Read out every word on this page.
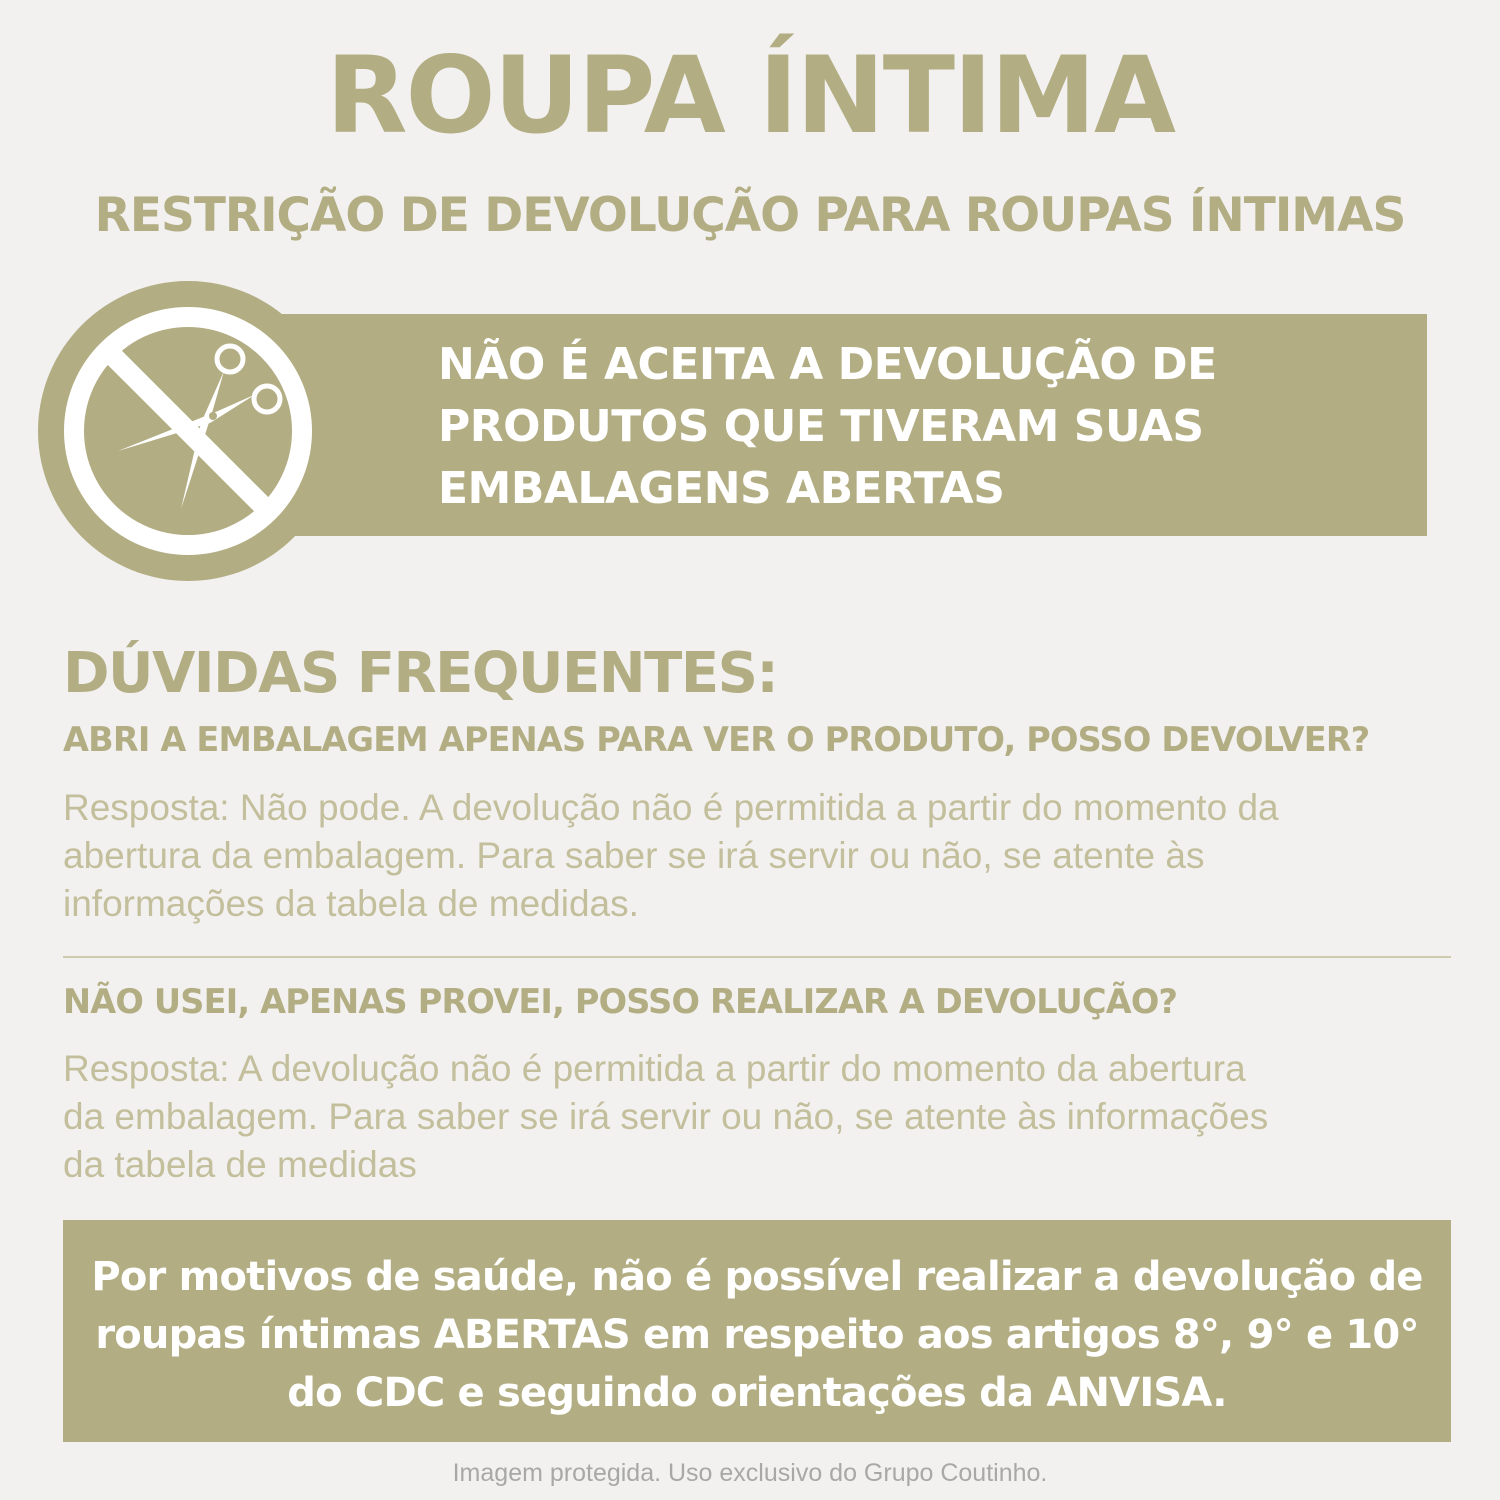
ROUPA ÍNTIMA
RESTRIÇÃO DE DEVOLUÇÃO PARA ROUPAS ÍNTIMAS
NÃO É ACEITA A DEVOLUÇÃO DE
PRODUTOS QUE TIVERAM SUAS
EMBALAGENS ABERTAS
DÚVIDAS FREQUENTES:
ABRI A EMBALAGEM APENAS PARA VER O PRODUTO, POSSO DEVOLVER?
Resposta: Não pode. A devolução não é permitida a partir do momento da
abertura da embalagem. Para saber se irá servir ou não, se atente às
informações da tabela de medidas.
NÃO USEI, APENAS PROVEI, POSSO REALIZAR A DEVOLUÇÃO?
Resposta: A devolução não é permitida a partir do momento da abertura
da embalagem. Para saber se irá servir ou não, se atente às informações
da tabela de medidas
Por motivos de saúde, não é possível realizar a devolução de
roupas íntimas ABERTAS em respeito aos artigos 8°, 9° e 10°
do CDC e seguindo orientações da ANVISA.
Imagem protegida. Uso exclusivo do Grupo Coutinho.
